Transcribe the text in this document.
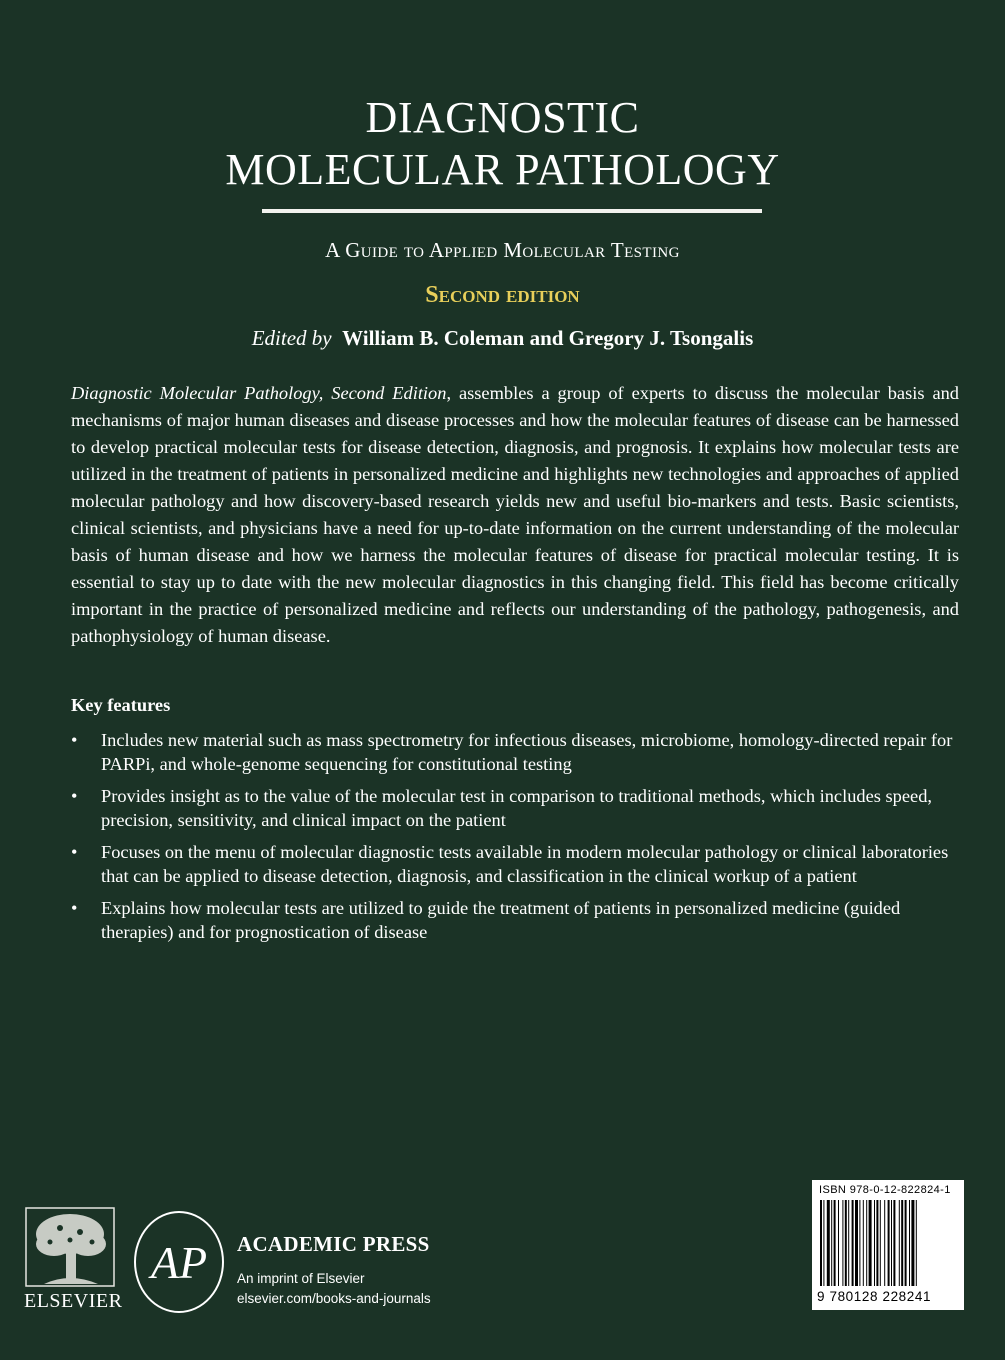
DIAGNOSTIC
MOLECULAR PATHOLOGY
A Guide to Applied Molecular Testing
Second edition
Edited by William B. Coleman and Gregory J. Tsongalis
Diagnostic Molecular Pathology, Second Edition, assembles a group of experts to discuss the molecular basis and mechanisms of major human diseases and disease processes and how the molecular features of disease can be harnessed to develop practical molecular tests for disease detection, diagnosis, and prognosis. It explains how molecular tests are utilized in the treatment of patients in personalized medicine and highlights new technologies and approaches of applied molecular pathology and how discovery-based research yields new and useful bio-markers and tests. Basic scientists, clinical scientists, and physicians have a need for up-to-date information on the current understanding of the molecular basis of human disease and how we harness the molecular features of disease for practical molecular testing. It is essential to stay up to date with the new molecular diagnostics in this changing field. This field has become critically important in the practice of personalized medicine and reflects our understanding of the pathology, pathogenesis, and pathophysiology of human disease.
Key features
• Includes new material such as mass spectrometry for infectious diseases, microbiome, homology-directed repair for PARPi, and whole-genome sequencing for constitutional testing
• Provides insight as to the value of the molecular test in comparison to traditional methods, which includes speed, precision, sensitivity, and clinical impact on the patient
• Focuses on the menu of molecular diagnostic tests available in modern molecular pathology or clinical laboratories that can be applied to disease detection, diagnosis, and classification in the clinical workup of a patient
• Explains how molecular tests are utilized to guide the treatment of patients in personalized medicine (guided therapies) and for prognostication of disease
ELSEVIER
AP ACADEMIC PRESS
An imprint of Elsevier
elsevier.com/books-and-journals
ISBN 978-0-12-822824-1
9 780128 228241
